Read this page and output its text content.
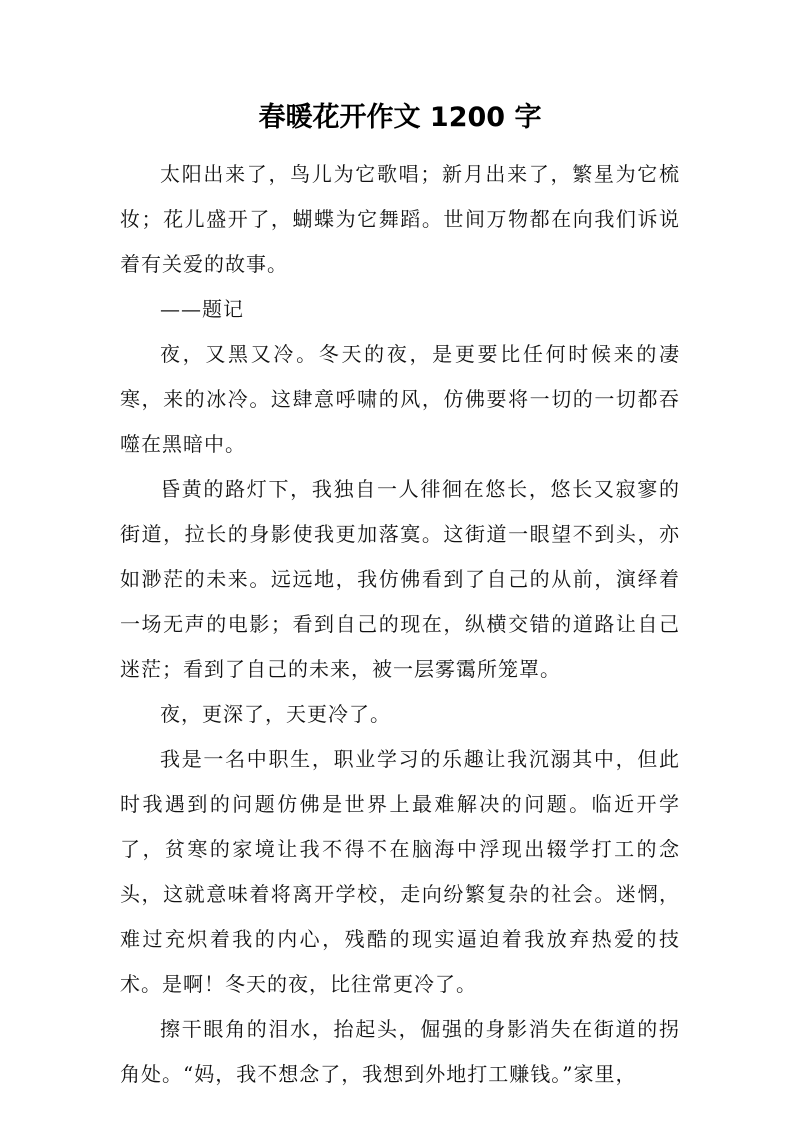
春暖花开作文 1200 字

太阳出来了，鸟儿为它歌唱；新月出来了，繁星为它梳妆；花儿盛开了，蝴蝶为它舞蹈。世间万物都在向我们诉说着有关爱的故事。

——题记

夜，又黑又冷。冬天的夜，是更要比任何时候来的凄寒，来的冰冷。这肆意呼啸的风，仿佛要将一切的一切都吞噬在黑暗中。

昏黄的路灯下，我独自一人徘徊在悠长，悠长又寂寥的街道，拉长的身影使我更加落寞。这街道一眼望不到头，亦如渺茫的未来。远远地，我仿佛看到了自己的从前，演绎着一场无声的电影；看到自己的现在，纵横交错的道路让自己迷茫；看到了自己的未来，被一层雾霭所笼罩。

夜，更深了，天更冷了。

我是一名中职生，职业学习的乐趣让我沉溺其中，但此时我遇到的问题仿佛是世界上最难解决的问题。临近开学了，贫寒的家境让我不得不在脑海中浮现出辍学打工的念头，这就意味着将离开学校，走向纷繁复杂的社会。迷惘，难过充炽着我的内心，残酷的现实逼迫着我放弃热爱的技术。是啊！冬天的夜，比往常更冷了。

擦干眼角的泪水，抬起头，倔强的身影消失在街道的拐角处。“妈，我不想念了，我想到外地打工赚钱。”家里，
